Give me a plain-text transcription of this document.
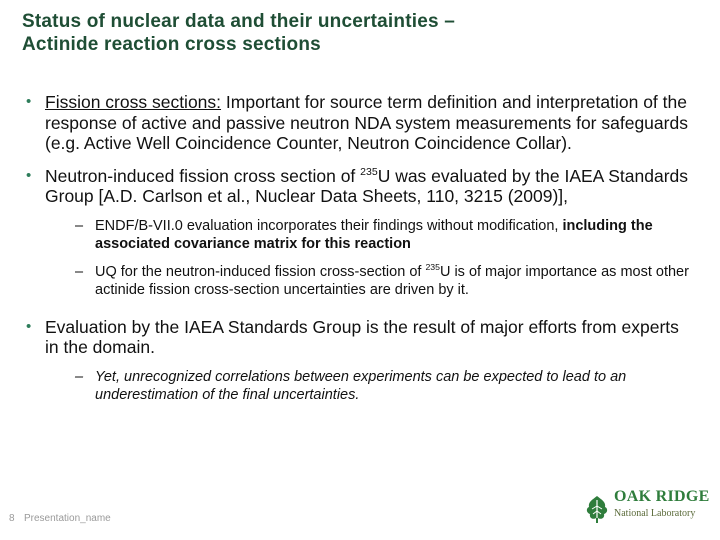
Status of nuclear data and their uncertainties –
Actinide reaction cross sections
• Fission cross sections: Important for source term definition and interpretation of the response of active and passive neutron NDA system measurements for safeguards (e.g. Active Well Coincidence Counter, Neutron Coincidence Collar).
• Neutron-induced fission cross section of $^{235}$U was evaluated by the IAEA Standards Group [A.D. Carlson et al., Nuclear Data Sheets, 110, 3215 (2009)],
– ENDF/B-VII.0 evaluation incorporates their findings without modification, including the associated covariance matrix for this reaction
– UQ for the neutron-induced fission cross-section of $^{235}$U is of major importance as most other actinide fission cross-section uncertainties are driven by it.
• Evaluation by the IAEA Standards Group is the result of major efforts from experts in the domain.
– Yet, unrecognized correlations between experiments can be expected to lead to an underestimation of the final uncertainties.
8 Presentation_name
OAK RIDGE
National Laboratory
